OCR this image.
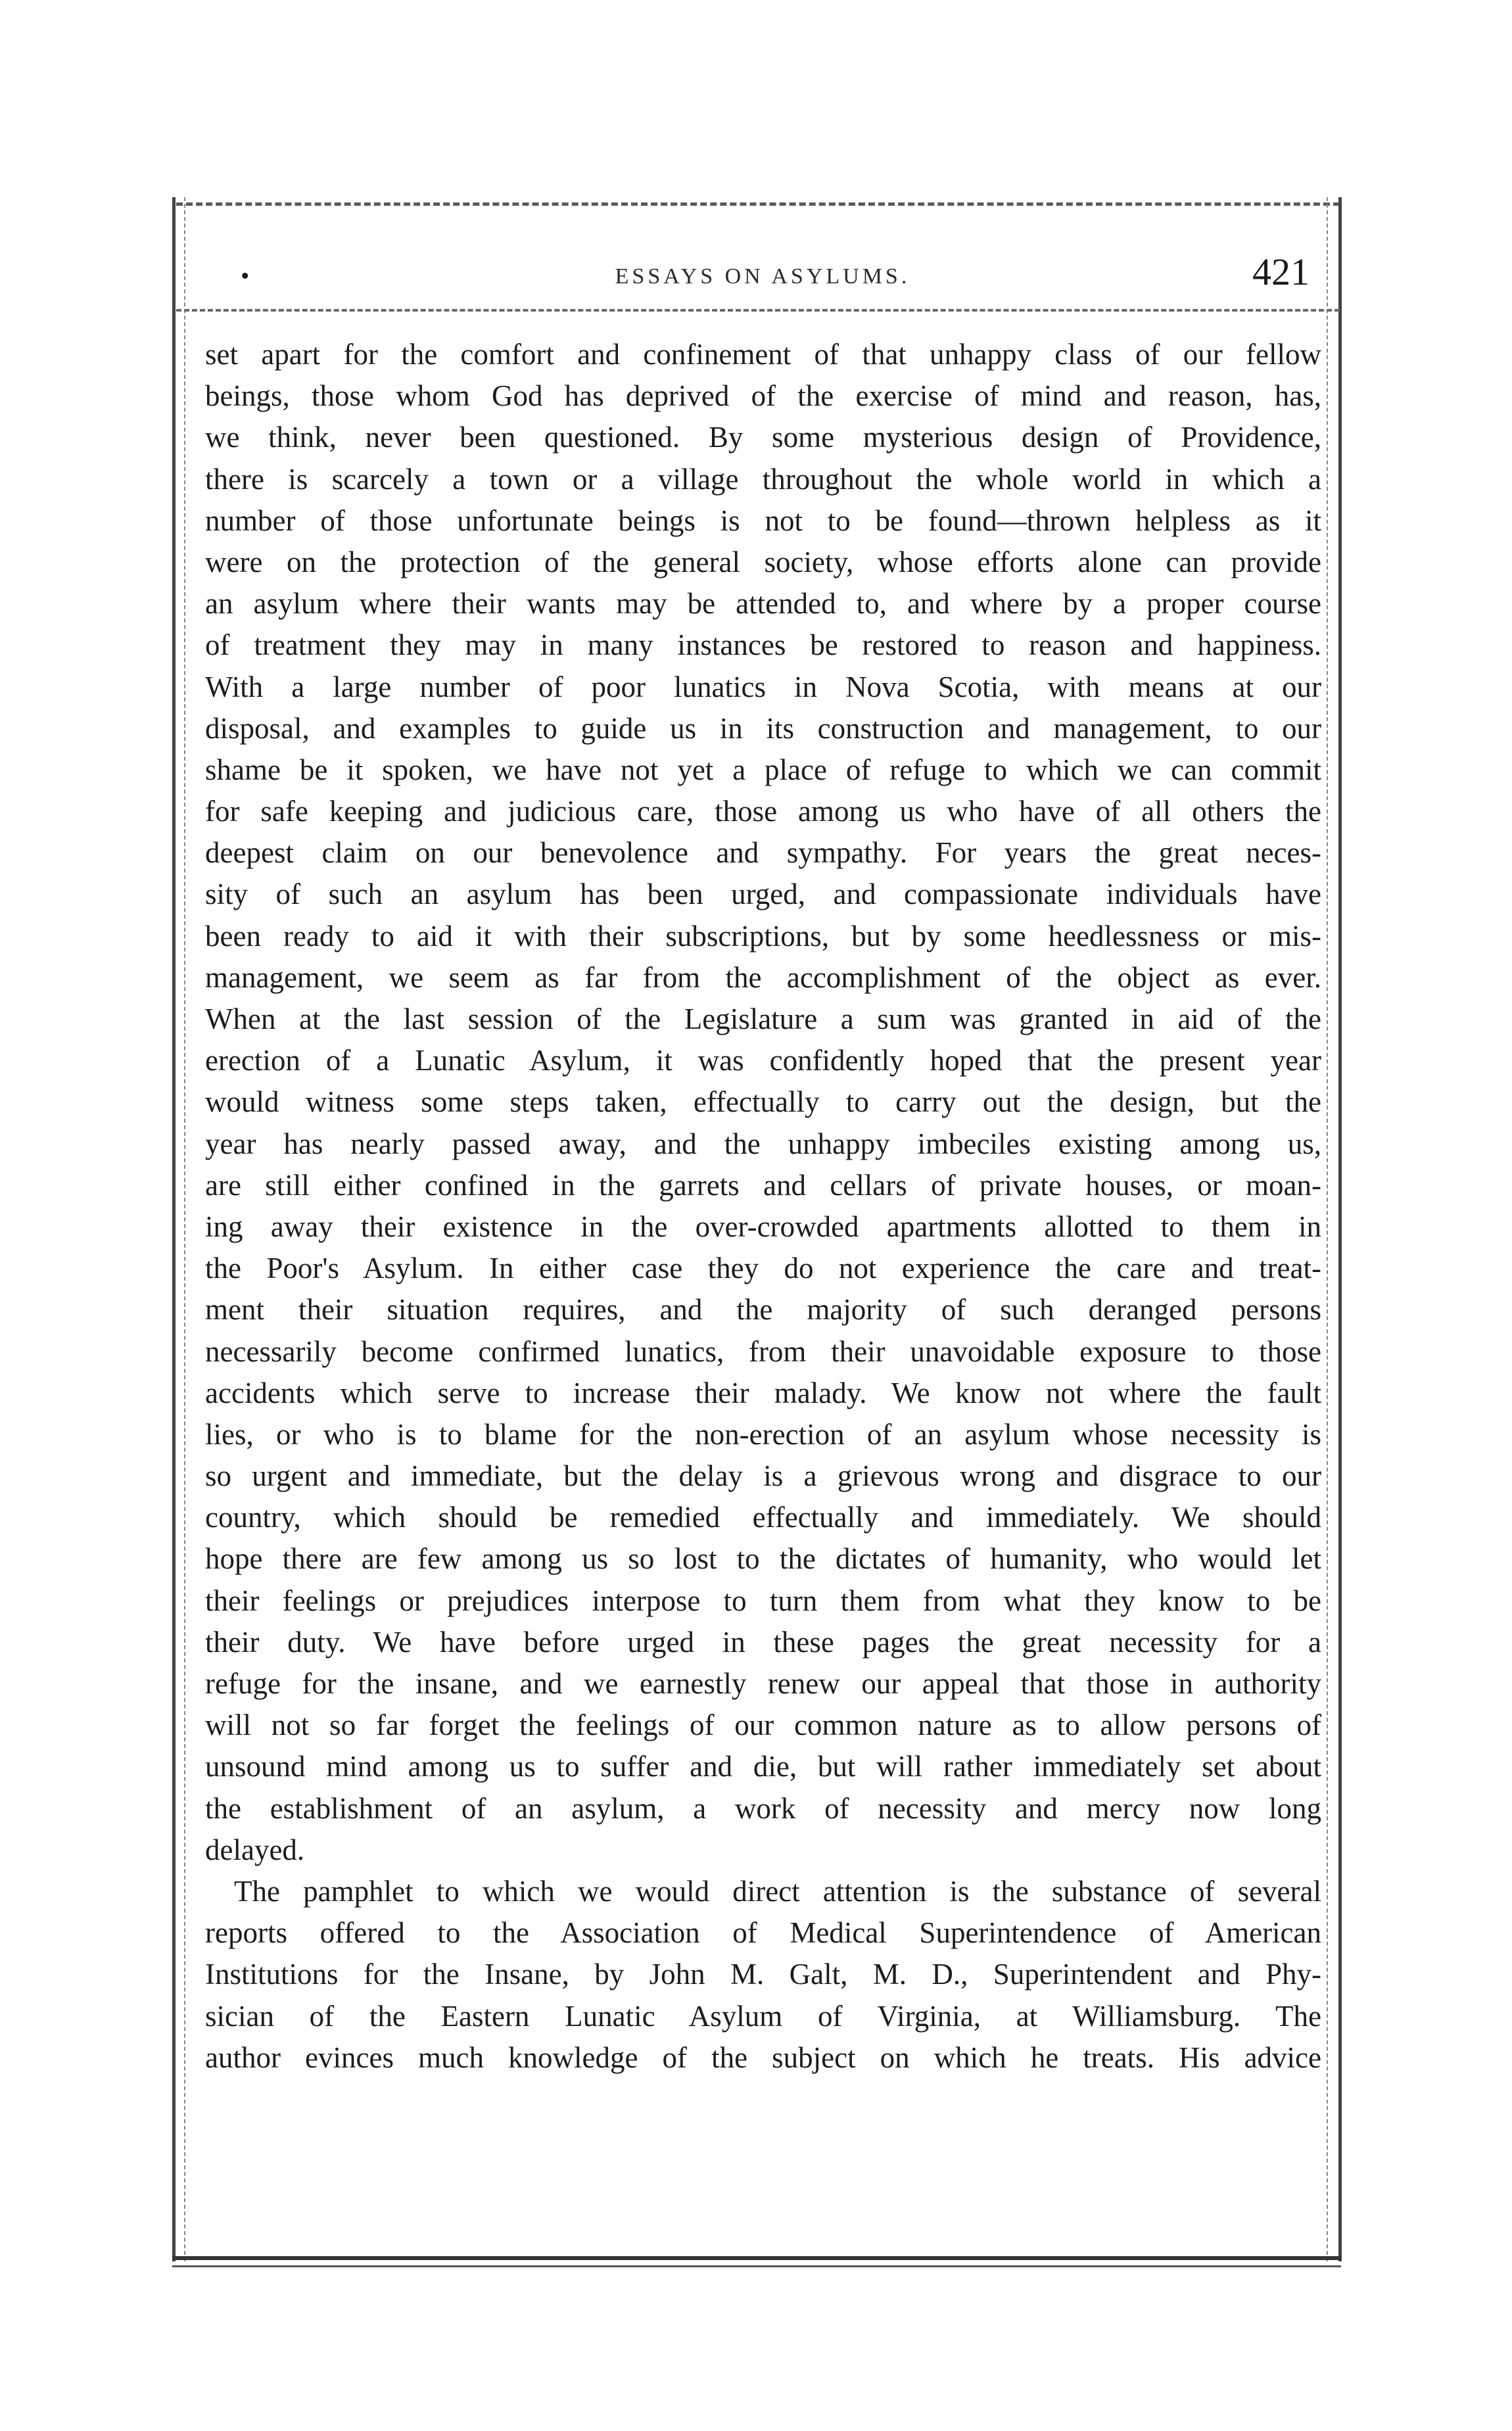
•	ESSAYS ON ASYLUMS.	421
set apart for the comfort and confinement of that unhappy class of our fellow
beings, those whom God has deprived of the exercise of mind and reason, has,
we think, never been questioned. By some mysterious design of Providence,
there is scarcely a town or a village throughout the whole world in which a
number of those unfortunate beings is not to be found—thrown helpless as it
were on the protection of the general society, whose efforts alone can provide
an asylum where their wants may be attended to, and where by a proper course
of treatment they may in many instances be restored to reason and happiness.
With a large number of poor lunatics in Nova Scotia, with means at our
disposal, and examples to guide us in its construction and management, to our
shame be it spoken, we have not yet a place of refuge to which we can commit
for safe keeping and judicious care, those among us who have of all others the
deepest claim on our benevolence and sympathy. For years the great neces-
sity of such an asylum has been urged, and compassionate individuals have
been ready to aid it with their subscriptions, but by some heedlessness or mis-
management, we seem as far from the accomplishment of the object as ever.
When at the last session of the Legislature a sum was granted in aid of the
erection of a Lunatic Asylum, it was confidently hoped that the present year
would witness some steps taken, effectually to carry out the design, but the
year has nearly passed away, and the unhappy imbeciles existing among us,
are still either confined in the garrets and cellars of private houses, or moan-
ing away their existence in the over-crowded apartments allotted to them in
the Poor's Asylum. In either case they do not experience the care and treat-
ment their situation requires, and the majority of such deranged persons
necessarily become confirmed lunatics, from their unavoidable exposure to those
accidents which serve to increase their malady. We know not where the fault
lies, or who is to blame for the non-erection of an asylum whose necessity is
so urgent and immediate, but the delay is a grievous wrong and disgrace to our
country, which should be remedied effectually and immediately. We should
hope there are few among us so lost to the dictates of humanity, who would let
their feelings or prejudices interpose to turn them from what they know to be
their duty. We have before urged in these pages the great necessity for a
refuge for the insane, and we earnestly renew our appeal that those in authority
will not so far forget the feelings of our common nature as to allow persons of
unsound mind among us to suffer and die, but will rather immediately set about
the establishment of an asylum, a work of necessity and mercy now long
delayed.
The pamphlet to which we would direct attention is the substance of several
reports offered to the Association of Medical Superintendence of American
Institutions for the Insane, by John M. Galt, M. D., Superintendent and Phy-
sician of the Eastern Lunatic Asylum of Virginia, at Williamsburg. The
author evinces much knowledge of the subject on which he treats. His advice
